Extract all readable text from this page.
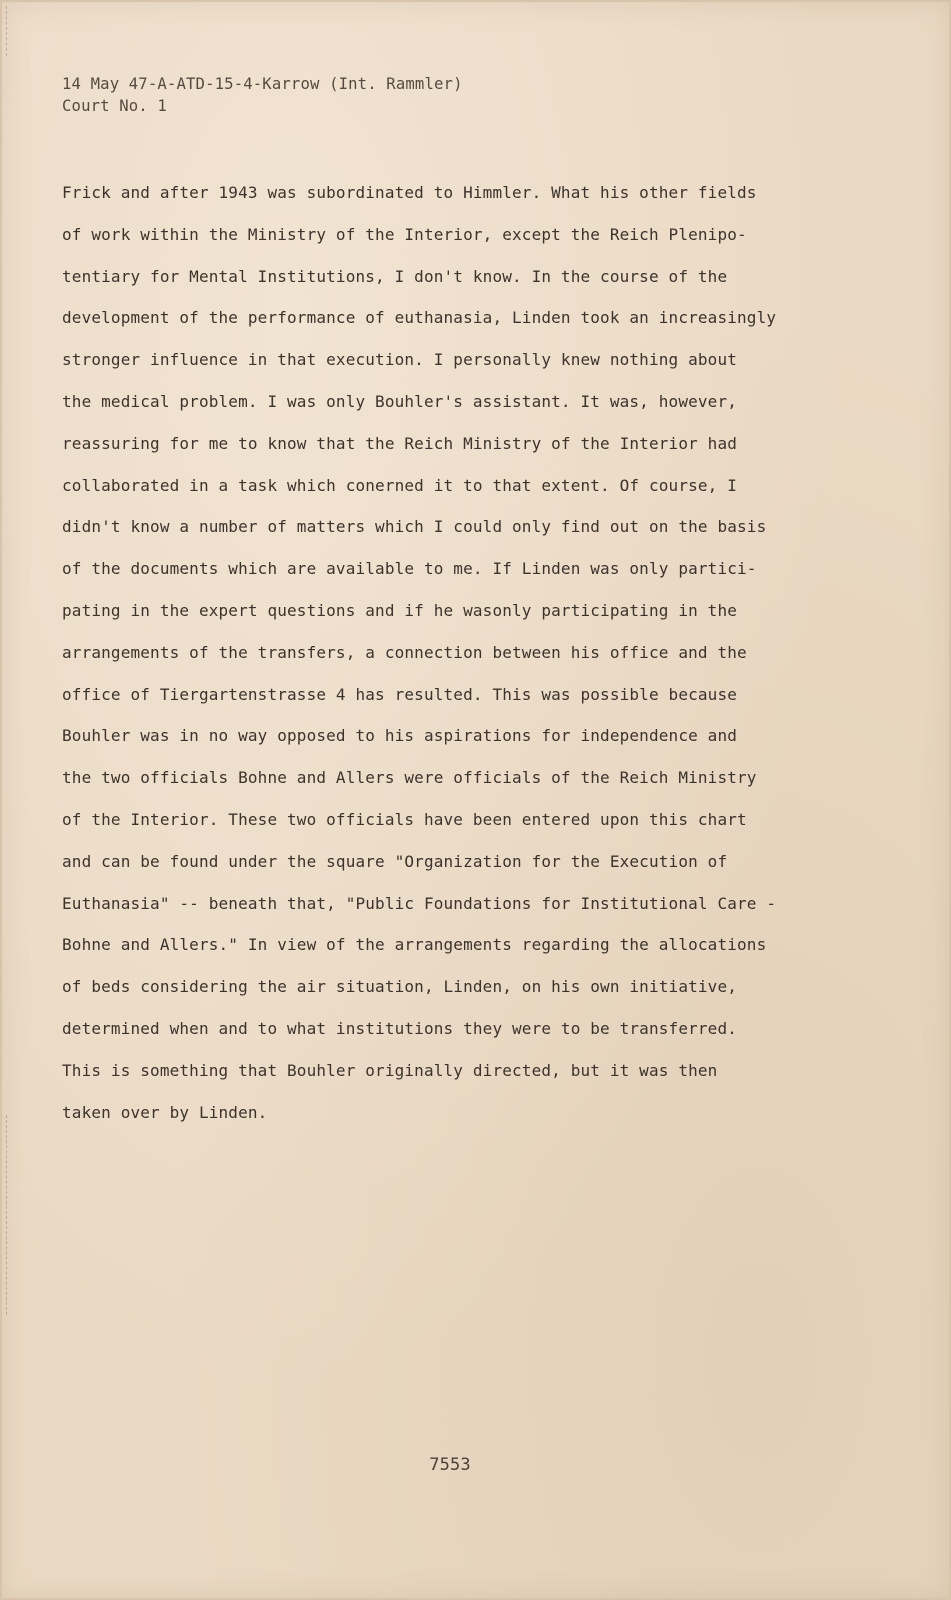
14 May 47-A-ATD-15-4-Karrow (Int. Rammler)
Court No. 1
Frick and after 1943 was subordinated to Himmler. What his other fields
of work within the Ministry of the Interior, except the Reich Plenipo-
tentiary for Mental Institutions, I don't know. In the course of the
development of the performance of euthanasia, Linden took an increasingly
stronger influence in that execution. I personally knew nothing about
the medical problem. I was only Bouhler's assistant. It was, however,
reassuring for me to know that the Reich Ministry of the Interior had
collaborated in a task which conerned it to that extent. Of course, I
didn't know a number of matters which I could only find out on the basis
of the documents which are available to me. If Linden was only partici-
pating in the expert questions and if he wasonly participating in the
arrangements of the transfers, a connection between his office and the
office of Tiergartenstrasse 4 has resulted. This was possible because
Bouhler was in no way opposed to his aspirations for independence and
the two officials Bohne and Allers were officials of the Reich Ministry
of the Interior. These two officials have been entered upon this chart
and can be found under the square "Organization for the Execution of
Euthanasia" -- beneath that, "Public Foundations for Institutional Care -
Bohne and Allers." In view of the arrangements regarding the allocations
of beds considering the air situation, Linden, on his own initiative,
determined when and to what institutions they were to be transferred.
This is something that Bouhler originally directed, but it was then
taken over by Linden.
7553
